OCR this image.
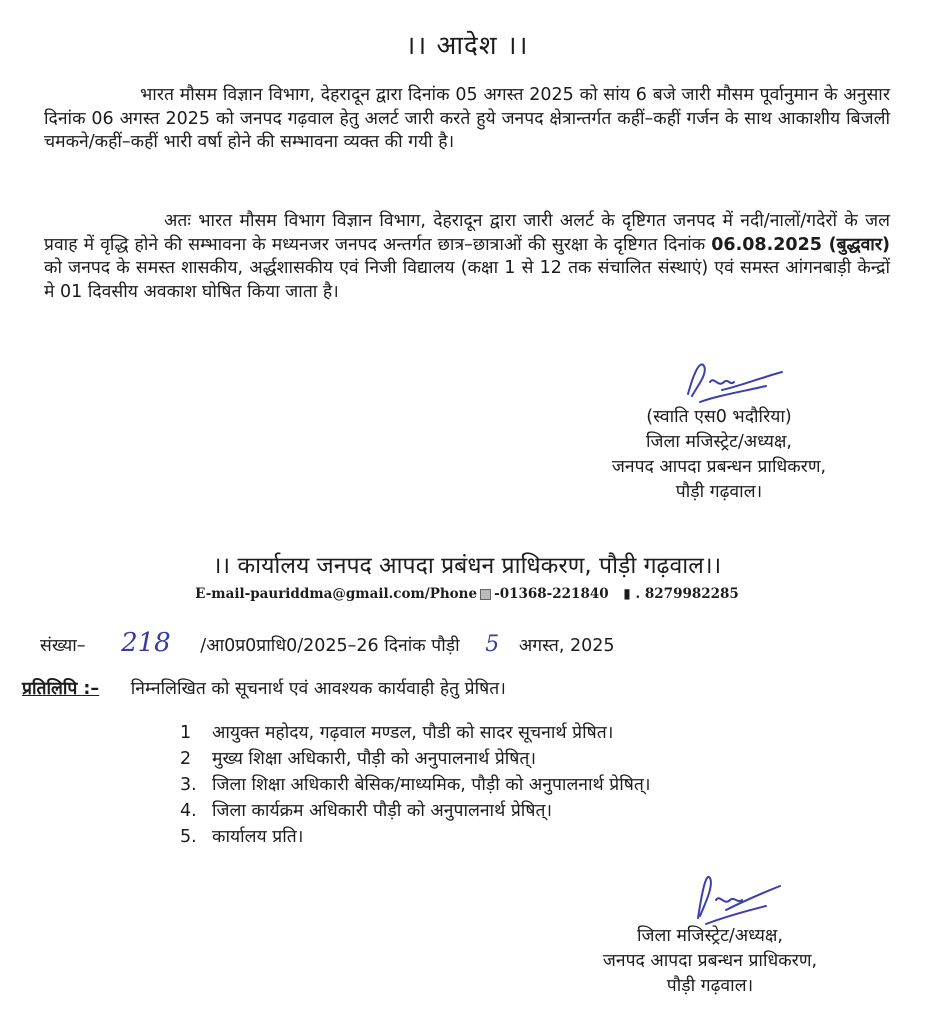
।। आदेश ।।

भारत मौसम विज्ञान विभाग, देहरादून द्वारा दिनांक 05 अगस्त 2025 को सांय 6 बजे जारी मौसम पूर्वानुमान के अनुसार दिनांक 06 अगस्त 2025 को जनपद गढ़वाल हेतु अलर्ट जारी करते हुये जनपद क्षेत्रान्तर्गत कहीं–कहीं गर्जन के साथ आकाशीय बिजली चमकने/कहीं–कहीं भारी वर्षा होने की सम्भावना व्यक्त की गयी है।

अतः भारत मौसम विभाग विज्ञान विभाग, देहरादून द्वारा जारी अलर्ट के दृष्टिगत जनपद में नदी/नालों/गदेरों के जल प्रवाह में वृद्धि होने की सम्भावना के मध्यनजर जनपद अन्तर्गत छात्र–छात्राओं की सुरक्षा के दृष्टिगत दिनांक 06.08.2025 (बुद्धवार) को जनपद के समस्त शासकीय, अर्द्धशासकीय एवं निजी विद्यालय (कक्षा 1 से 12 तक संचालित संस्थाएं) एवं समस्त आंगनबाड़ी केन्द्रों मे 01 दिवसीय अवकाश घोषित किया जाता है।

(स्वाति एस0 भदौरिया)
जिला मजिस्ट्रेट/अध्यक्ष,
जनपद आपदा प्रबन्धन प्राधिकरण,
पौड़ी गढ़वाल।
।। कार्यालय जनपद आपदा प्रबंधन प्राधिकरण, पौड़ी गढ़वाल।।
E-mail-pauriddma@gmail.com/Phone -01368-221840 ▮ . 8279982285
संख्या– 218 /आ0प्र0प्राधि0/2025–26 दिनांक पौड़ी 5 अगस्त, 2025
प्रतिलिपि :– निम्नलिखित को सूचनार्थ एवं आवश्यक कार्यवाही हेतु प्रेषित।
1 आयुक्त महोदय, गढ़वाल मण्डल, पौडी को सादर सूचनार्थ प्रेषित।
2 मुख्य शिक्षा अधिकारी, पौड़ी को अनुपालनार्थ प्रेषित्।
3. जिला शिक्षा अधिकारी बेसिक/माध्यमिक, पौड़ी को अनुपालनार्थ प्रेषित्।
4. जिला कार्यक्रम अधिकारी पौड़ी को अनुपालनार्थ प्रेषित्।
5. कार्यालय प्रति।
जिला मजिस्ट्रेट/अध्यक्ष,
जनपद आपदा प्रबन्धन प्राधिकरण,
पौड़ी गढ़वाल।
